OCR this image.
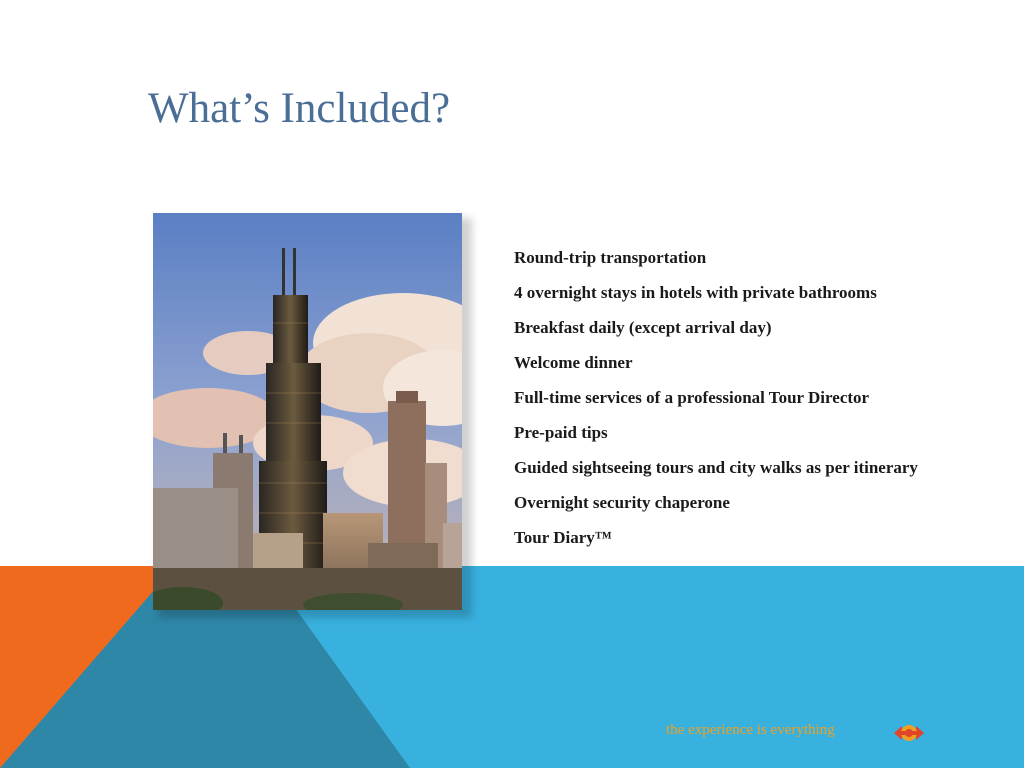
What’s Included?
Round-trip transportation
4 overnight stays in hotels with private bathrooms
Breakfast daily (except arrival day)
Welcome dinner
Full-time services of a professional Tour Director
Pre-paid tips
Guided sightseeing tours and city walks as per itinerary
Overnight security chaperone
Tour Diary™
the experience is everything
